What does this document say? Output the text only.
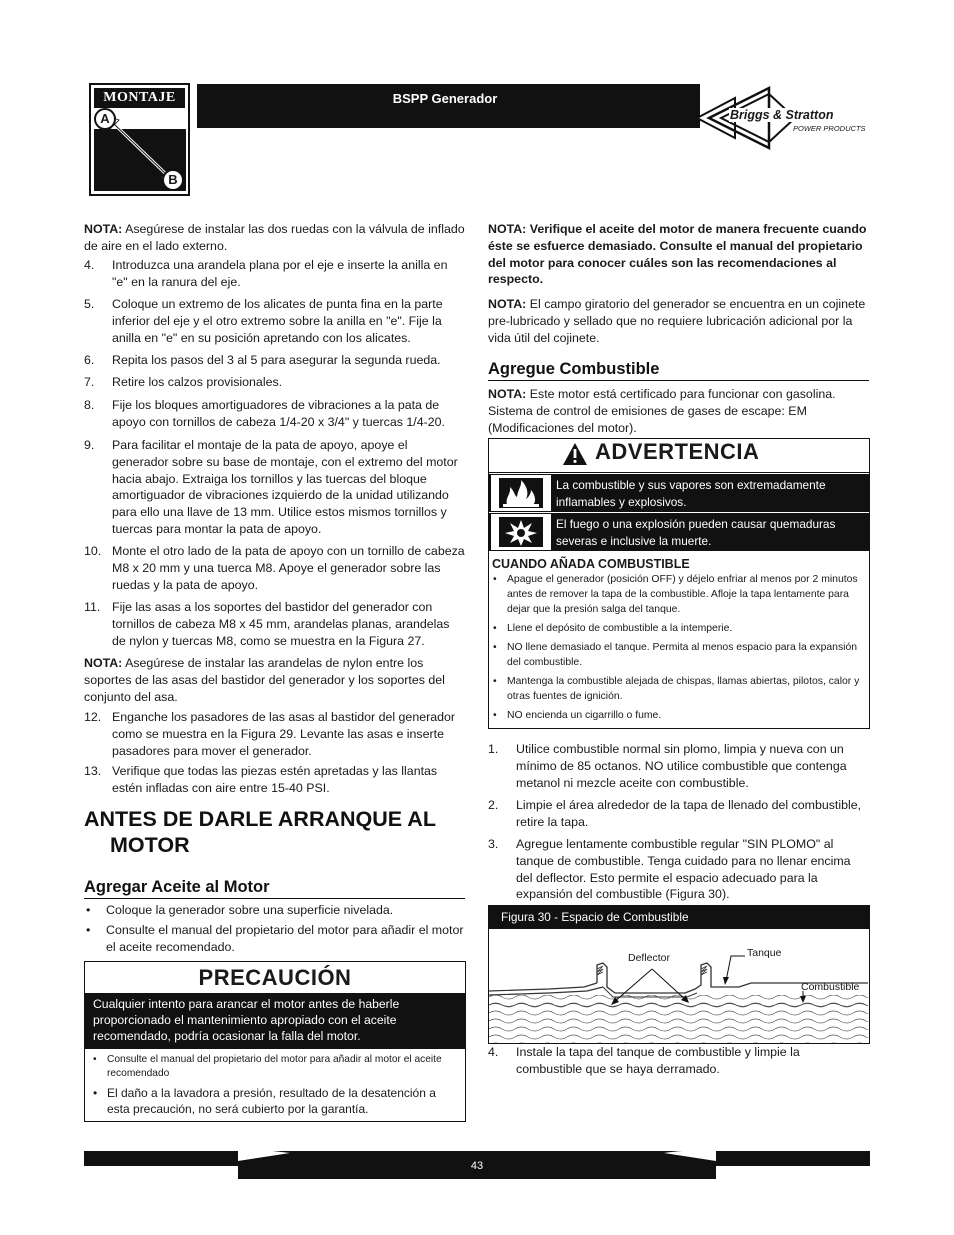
MONTAJE
A
B
BSPP Generador
Briggs & Stratton
POWER PRODUCTS
NOTA: Asegúrese de instalar las dos ruedas con la válvula de inflado de aire en el lado externo.
4. Introduzca una arandela plana por el eje e inserte la anilla en "e" en la ranura del eje.
5. Coloque un extremo de los alicates de punta fina en la parte inferior del eje y el otro extremo sobre la anilla en "e". Fije la anilla en "e" en su posición apretando con los alicates.
6. Repita los pasos del 3 al 5 para asegurar la segunda rueda.
7. Retire los calzos provisionales.
8. Fije los bloques amortiguadores de vibraciones a la pata de apoyo con tornillos de cabeza 1/4-20 x 3/4" y tuercas 1/4-20.
9. Para facilitar el montaje de la pata de apoyo, apoye el generador sobre su base de montaje, con el extremo del motor hacia abajo. Extraiga los tornillos y las tuercas del bloque amortiguador de vibraciones izquierdo de la unidad utilizando para ello una llave de 13 mm. Utilice estos mismos tornillos y tuercas para montar la pata de apoyo.
10. Monte el otro lado de la pata de apoyo con un tornillo de cabeza M8 x 20 mm y una tuerca M8. Apoye el generador sobre las ruedas y la pata de apoyo.
11. Fije las asas a los soportes del bastidor del generador con tornillos de cabeza M8 x 45 mm, arandelas planas, arandelas de nylon y tuercas M8, como se muestra en la Figura 27.
NOTA: Asegúrese de instalar las arandelas de nylon entre los soportes de las asas del bastidor del generador y los soportes del conjunto del asa.
12. Enganche los pasadores de las asas al bastidor del generador como se muestra en la Figura 29. Levante las asas e inserte pasadores para mover el generador.
13. Verifique que todas las piezas estén apretadas y las llantas estén infladas con aire entre 15-40 PSI.
ANTES DE DARLE ARRANQUE AL MOTOR
Agregar Aceite al Motor
• Coloque la generador sobre una superficie nivelada.
• Consulte el manual del propietario del motor para añadir el motor el aceite recomendado.
PRECAUCIÓN
Cualquier intento para arancar el motor antes de haberle proporcionado el mantenimiento apropiado con el aceite recomendado, podría ocasionar la falla del motor.
• Consulte el manual del propietario del motor para añadir al motor el aceite recomendado
• El daño a la lavadora a presión, resultado de la desatención a esta precaución, no será cubierto por la garantía.
NOTA: Verifique el aceite del motor de manera frecuente cuando éste se esfuerce demasiado. Consulte el manual del propietario del motor para conocer cuáles son las recomendaciones al respecto.
NOTA: El campo giratorio del generador se encuentra en un cojinete pre-lubricado y sellado que no requiere lubricación adicional por la vida útil del cojinete.
Agregue Combustible
NOTA: Este motor está certificado para funcionar con gasolina. Sistema de control de emisiones de gases de escape: EM (Modificaciones del motor).
ADVERTENCIA
La combustible y sus vapores son extremadamente inflamables y explosivos.
El fuego o una explosión pueden causar quemaduras severas e inclusive la muerte.
CUANDO AÑADA COMBUSTIBLE
• Apague el generador (posición OFF) y déjelo enfriar al menos por 2 minutos antes de remover la tapa de la combustible. Afloje la tapa lentamente para dejar que la presión salga del tanque.
• Llene el depósito de combustible a la intemperie.
• NO llene demasiado el tanque. Permita al menos espacio para la expansión del combustible.
• Mantenga la combustible alejada de chispas, llamas abiertas, pilotos, calor y otras fuentes de ignición.
• NO encienda un cigarrillo o fume.
1. Utilice combustible normal sin plomo, limpia y nueva con un mínimo de 85 octanos. NO utilice combustible que contenga metanol ni mezcle aceite con combustible.
2. Limpie el área alrededor de la tapa de llenado del combustible, retire la tapa.
3. Agregue lentamente combustible regular "SIN PLOMO" al tanque de combustible. Tenga cuidado para no llenar encima del deflector. Esto permite el espacio adecuado para la expansión del combustible (Figura 30).
Figura 30 - Espacio de Combustible
Deflector	Tanque
Combustible
4. Instale la tapa del tanque de combustible y limpie la combustible que se haya derramado.
43
